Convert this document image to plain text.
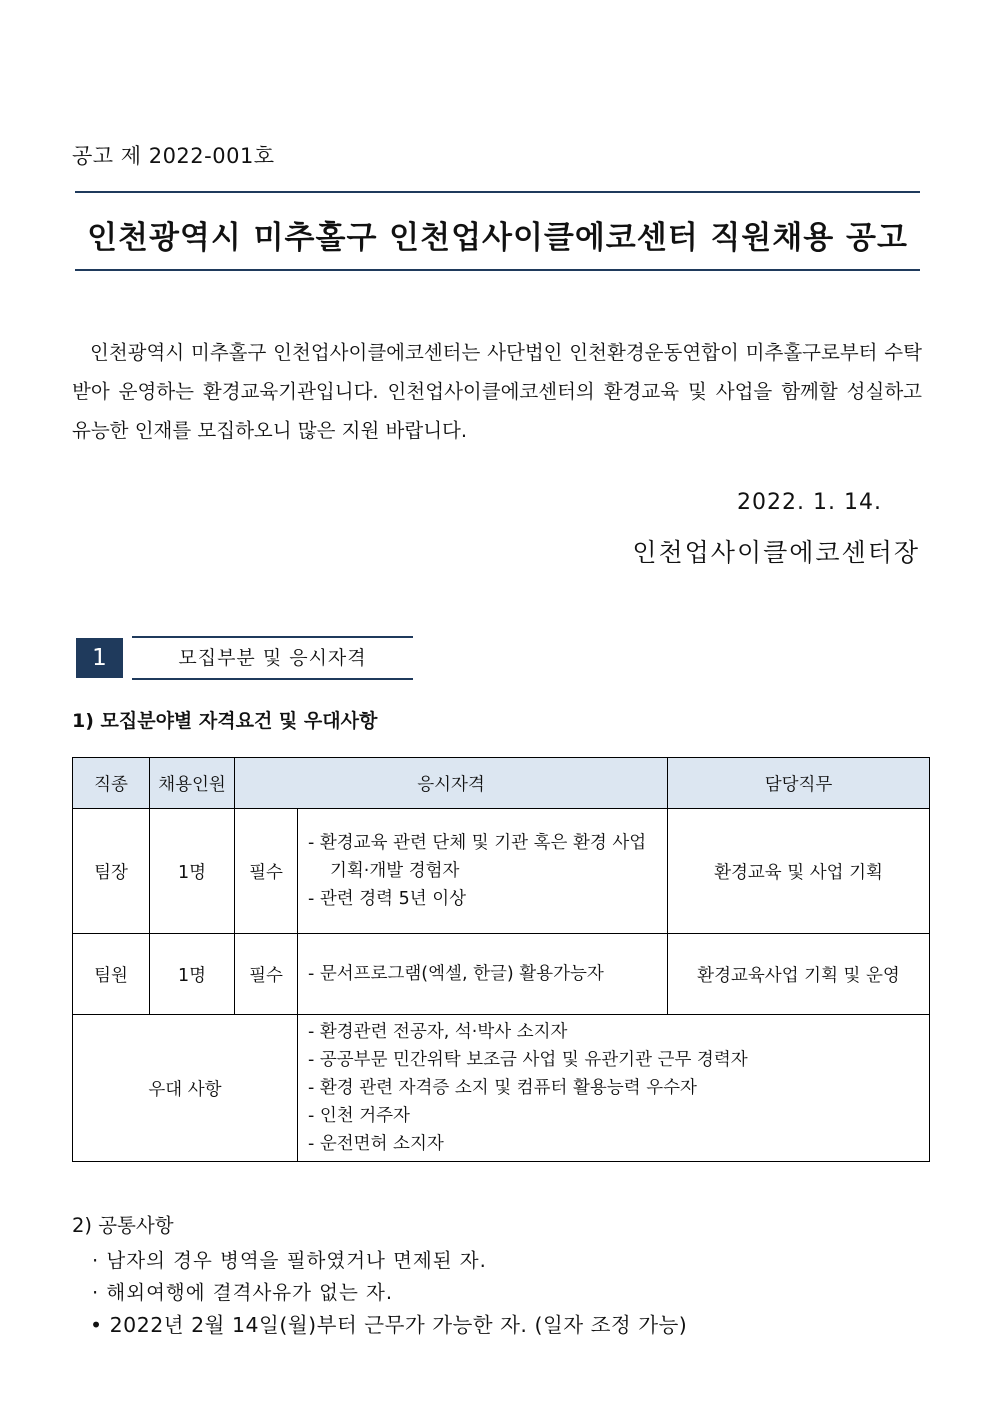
공고 제 2022-001호
인천광역시 미추홀구 인천업사이클에코센터 직원채용 공고
인천광역시 미추홀구 인천업사이클에코센터는 사단법인 인천환경운동연합이 미추홀구로부터 수탁받아 운영하는 환경교육기관입니다. 인천업사이클에코센터의 환경교육 및 사업을 함께할 성실하고 유능한 인재를 모집하오니 많은 지원 바랍니다.
2022. 1. 14.
인천업사이클에코센터장
1	모집부분 및 응시자격
1) 모집분야별 자격요건 및 우대사항
직종	채용인원	응시자격		담당직무
팀장	1명	필수	- 환경교육 관련 단체 및 기관 혹은 환경 사업 기획·개발 경험자
- 관련 경력 5년 이상	환경교육 및 사업 기획
팀원	1명	필수	- 문서프로그램(엑셀, 한글) 활용가능자	환경교육사업 기획 및 운영
우대 사항			- 환경관련 전공자, 석·박사 소지자
- 공공부문 민간위탁 보조금 사업 및 유관기관 근무 경력자
- 환경 관련 자격증 소지 및 컴퓨터 활용능력 우수자
- 인천 거주자
- 운전면허 소지자	
2) 공통사항
· 남자의 경우 병역을 필하였거나 면제된 자.
· 해외여행에 결격사유가 없는 자.
• 2022년 2월 14일(월)부터 근무가 가능한 자. (일자 조정 가능)
